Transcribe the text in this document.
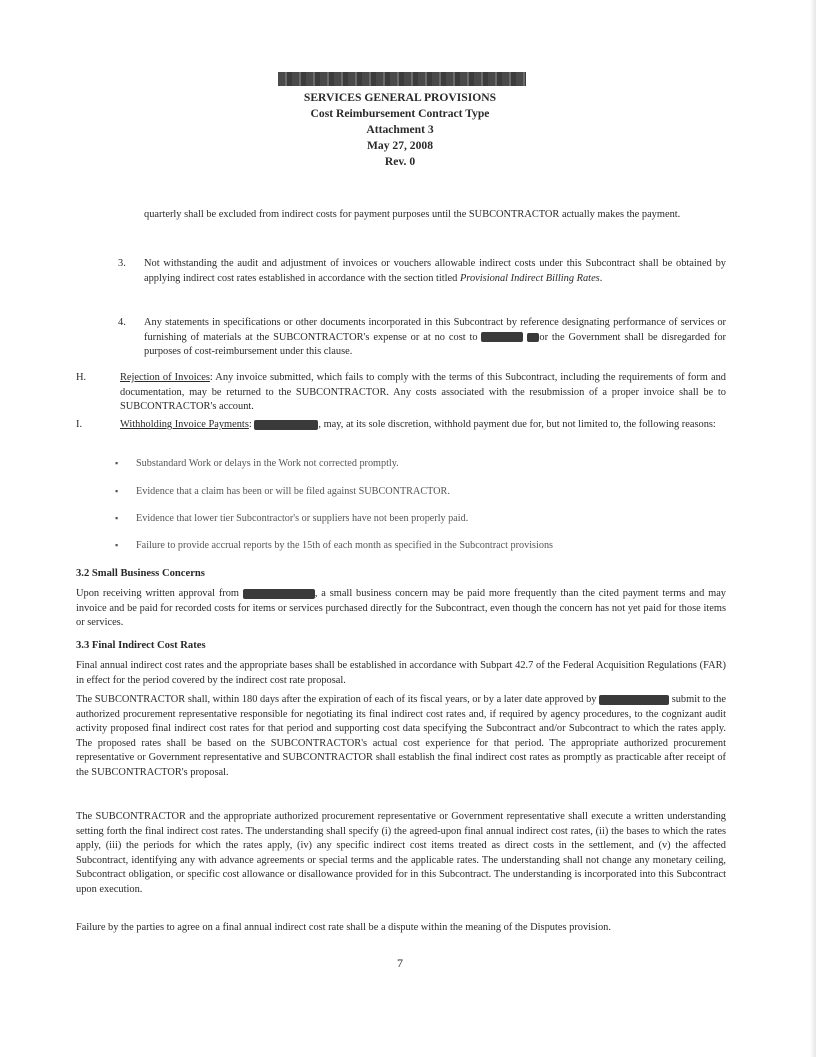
SERVICES GENERAL PROVISIONS
Cost Reimbursement Contract Type
Attachment 3
May 27, 2008
Rev. 0

quarterly shall be excluded from indirect costs for payment purposes until the SUBCONTRACTOR actually makes the payment.

3. Not withstanding the audit and adjustment of invoices or vouchers allowable indirect costs under this Subcontract shall be obtained by applying indirect cost rates established in accordance with the section titled Provisional Indirect Billing Rates.

4. Any statements in specifications or other documents incorporated in this Subcontract by reference designating performance of services or furnishing of materials at the SUBCONTRACTOR's expense or at no cost to	or the Government shall be disregarded for purposes of cost-reimbursement under this clause.

H.	Rejection of Invoices: Any invoice submitted, which fails to comply with the terms of this Subcontract, including the requirements of form and documentation, may be returned to the SUBCONTRACTOR. Any costs associated with the resubmission of a proper invoice shall be to SUBCONTRACTOR's account.

I.	Withholding Invoice Payments:	, may, at its sole discretion, withhold payment due for, but not limited to, the following reasons:

▪ Substandard Work or delays in the Work not corrected promptly.
▪ Evidence that a claim has been or will be filed against SUBCONTRACTOR.
▪ Evidence that lower tier Subcontractor's or suppliers have not been properly paid.
▪ Failure to provide accrual reports by the 15th of each month as specified in the Subcontract provisions
3.2 Small Business Concerns

Upon receiving written approval from	, a small business concern may be paid more frequently than the cited payment terms and may invoice and be paid for recorded costs for items or services purchased directly for the Subcontract, even though the concern has not yet paid for those items or services.

3.3 Final Indirect Cost Rates

Final annual indirect cost rates and the appropriate bases shall be established in accordance with Subpart 42.7 of the Federal Acquisition Regulations (FAR) in effect for the period covered by the indirect cost rate proposal.

The SUBCONTRACTOR shall, within 180 days after the expiration of each of its fiscal years, or by a later date approved by	submit to the authorized procurement representative responsible for negotiating its final indirect cost rates and, if required by agency procedures, to the cognizant audit activity proposed final indirect cost rates for that period and supporting cost data specifying the Subcontract and/or Subcontract to which the rates apply. The proposed rates shall be based on the SUBCONTRACTOR's actual cost experience for that period. The appropriate authorized procurement representative or Government representative and SUBCONTRACTOR shall establish the final indirect cost rates as promptly as practicable after receipt of the SUBCONTRACTOR's proposal.

The SUBCONTRACTOR and the appropriate authorized procurement representative or Government representative shall execute a written understanding setting forth the final indirect cost rates. The understanding shall specify (i) the agreed-upon final annual indirect cost rates, (ii) the bases to which the rates apply, (iii) the periods for which the rates apply, (iv) any specific indirect cost items treated as direct costs in the settlement, and (v) the affected Subcontract, identifying any with advance agreements or special terms and the applicable rates. The understanding shall not change any monetary ceiling, Subcontract obligation, or specific cost allowance or disallowance provided for in this Subcontract. The understanding is incorporated into this Subcontract upon execution.

Failure by the parties to agree on a final annual indirect cost rate shall be a dispute within the meaning of the Disputes provision.

7
